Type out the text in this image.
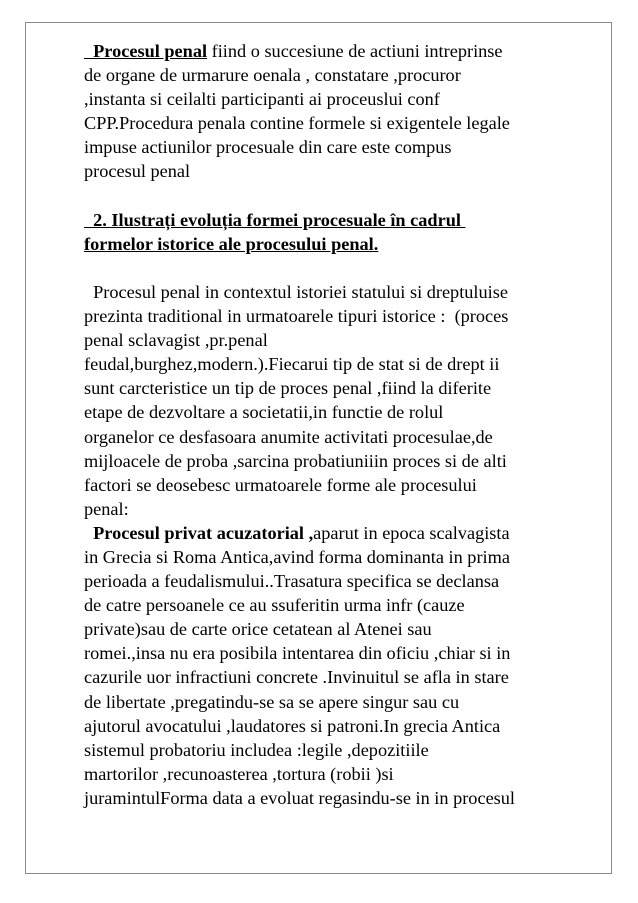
Procesul penal fiind o succesiune de actiuni intreprinse
de organe de urmarure oenala , constatare ,procuror
,instanta si ceilalti participanti ai proceuslui conf
CPP.Procedura penala contine formele si exigentele legale
impuse actiunilor procesuale din care este compus
procesul penal
2. Ilustrați evoluția formei procesuale în cadrul
formelor istorice ale procesului penal.
Procesul penal in contextul istoriei statului si dreptuluise
prezinta traditional in urmatoarele tipuri istorice :  (proces
penal sclavagist ,pr.penal
feudal,burghez,modern.).Fiecarui tip de stat si de drept ii
sunt carcteristice un tip de proces penal ,fiind la diferite
etape de dezvoltare a societatii,in functie de rolul
organelor ce desfasoara anumite activitati procesulae,de
mijloacele de proba ,sarcina probatiuniiin proces si de alti
factori se deosebesc urmatoarele forme ale procesului
penal:
Procesul privat acuzatorial ,aparut in epoca scalvagista
in Grecia si Roma Antica,avind forma dominanta in prima
perioada a feudalismului..Trasatura specifica se declansa
de catre persoanele ce au ssuferitin urma infr (cauze
private)sau de carte orice cetatean al Atenei sau
romei.,insa nu era posibila intentarea din oficiu ,chiar si in
cazurile uor infractiuni concrete .Invinuitul se afla in stare
de libertate ,pregatindu-se sa se apere singur sau cu
ajutorul avocatului ,laudatores si patroni.In grecia Antica
sistemul probatoriu includea :legile ,depozitiile
martorilor ,recunoasterea ,tortura (robii )si
juramintulForma data a evoluat regasindu-se in in procesul
